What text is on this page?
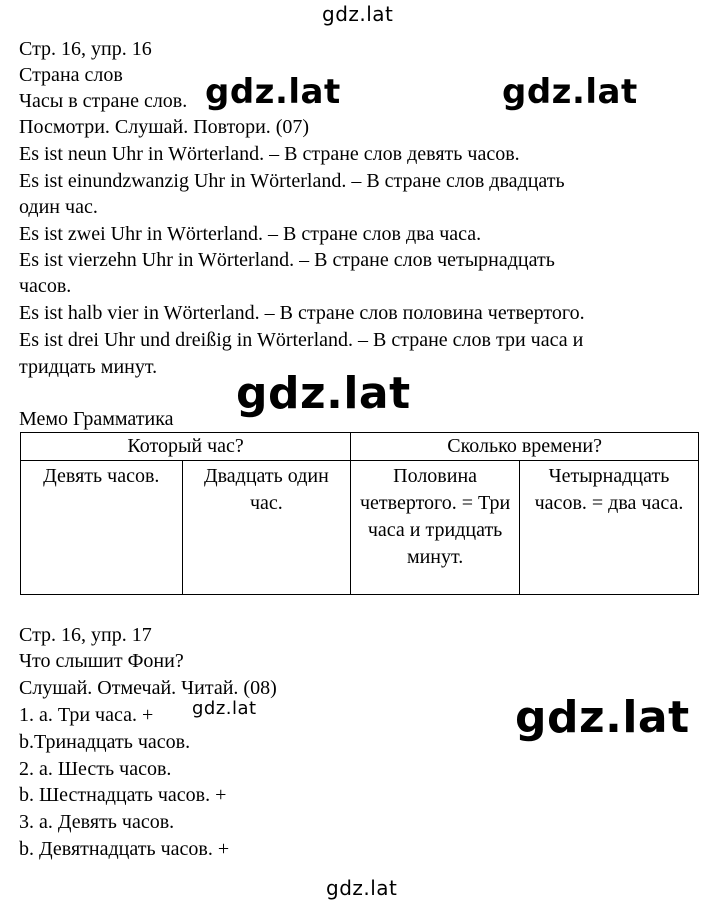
gdz.lat
Стр. 16, упр. 16
Страна слов
Часы в стране слов.
Посмотри. Слушай. Повтори. (07)
Es ist neun Uhr in Wörterland. – В стране слов девять часов.
Es ist einundzwanzig Uhr in Wörterland. – В стране слов двадцать
один час.
Es ist zwei Uhr in Wörterland. – В стране слов два часа.
Es ist vierzehn Uhr in Wörterland. – В стране слов четырнадцать
часов.
Es ist halb vier in Wörterland. – В стране слов половина четвертого.
Es ist drei Uhr und dreißig in Wörterland. – В стране слов три часа и
тридцать минут.
gdz.lat	gdz.lat
Мемо Грамматика gdz.lat
Который час?		Сколько времени?	
Девять часов.	Двадцать один час.	Половина четвертого. = Три часа и тридцать минут.	Четырнадцать часов. = два часа.
Стр. 16, упр. 17
Что слышит Фони?
Слушай. Отмечай. Читай. (08)
1. a. Три часа. +
b.Тринадцать часов.
2. a. Шесть часов.
b. Шестнадцать часов. +
3. a. Девять часов.
b. Девятнадцать часов. +
gdz.lat	gdz.lat
gdz.lat
